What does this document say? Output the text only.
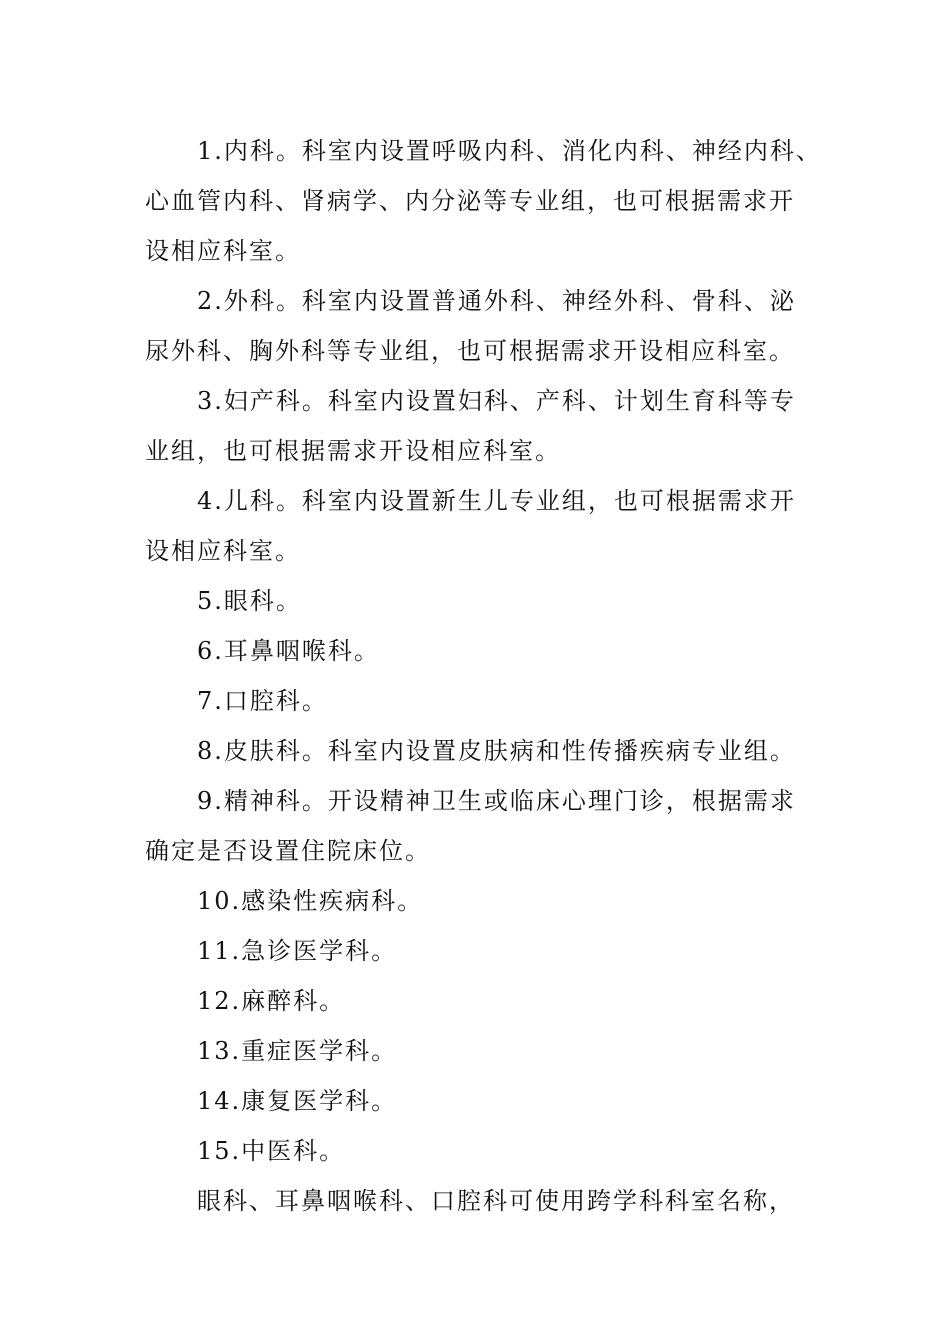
1.内科。科室内设置呼吸内科、消化内科、神经内科、
心血管内科、肾病学、内分泌等专业组，也可根据需求开
设相应科室。

2.外科。科室内设置普通外科、神经外科、骨科、泌
尿外科、胸外科等专业组，也可根据需求开设相应科室。

3.妇产科。科室内设置妇科、产科、计划生育科等专
业组，也可根据需求开设相应科室。

4.儿科。科室内设置新生儿专业组，也可根据需求开
设相应科室。

5.眼科。

6.耳鼻咽喉科。

7.口腔科。

8.皮肤科。科室内设置皮肤病和性传播疾病专业组。

9.精神科。开设精神卫生或临床心理门诊，根据需求
确定是否设置住院床位。

10.感染性疾病科。

11.急诊医学科。

12.麻醉科。

13.重症医学科。

14.康复医学科。

15.中医科。

眼科、耳鼻咽喉科、口腔科可使用跨学科科室名称，
